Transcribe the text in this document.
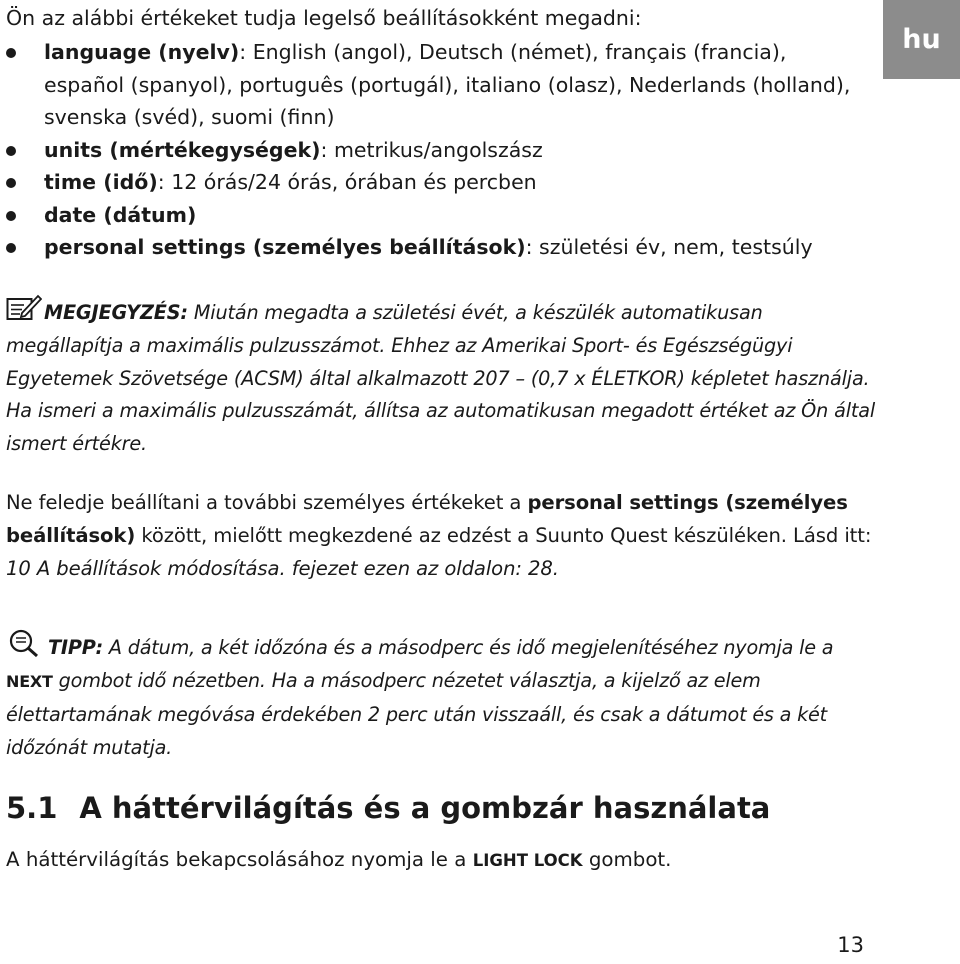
hu
Ön az alábbi értékeket tudja legelső beállításokként megadni:
language (nyelv): English (angol), Deutsch (német), français (francia), español (spanyol), português (portugál), italiano (olasz), Nederlands (holland), svenska (svéd), suomi (finn)
units (mértékegységek): metrikus/angolszász
time (idő): 12 órás/24 órás, órában és percben
date (dátum)
personal settings (személyes beállítások): születési év, nem, testsúly
MEGJEGYZÉS: Miután megadta a születési évét, a készülék automatikusan megállapítja a maximális pulzusszámot. Ehhez az Amerikai Sport- és Egészségügyi Egyetemek Szövetsége (ACSM) által alkalmazott 207 – (0,7 x ÉLETKOR) képletet használja. Ha ismeri a maximális pulzusszámát, állítsa az automatikusan megadott értéket az Ön által ismert értékre.
Ne feledje beállítani a további személyes értékeket a personal settings (személyes beállítások) között, mielőtt megkezdené az edzést a Suunto Quest készüléken. Lásd itt: 10 A beállítások módosítása. fejezet ezen az oldalon: 28.
TIPP: A dátum, a két időzóna és a másodperc és idő megjelenítéséhez nyomja le a NEXT gombot idő nézetben. Ha a másodperc nézetet választja, a kijelző az elem élettartamának megóvása érdekében 2 perc után visszaáll, és csak a dátumot és a két időzónát mutatja.
5.1 A háttérvilágítás és a gombzár használata
A háttérvilágítás bekapcsolásához nyomja le a LIGHT LOCK gombot.
13
